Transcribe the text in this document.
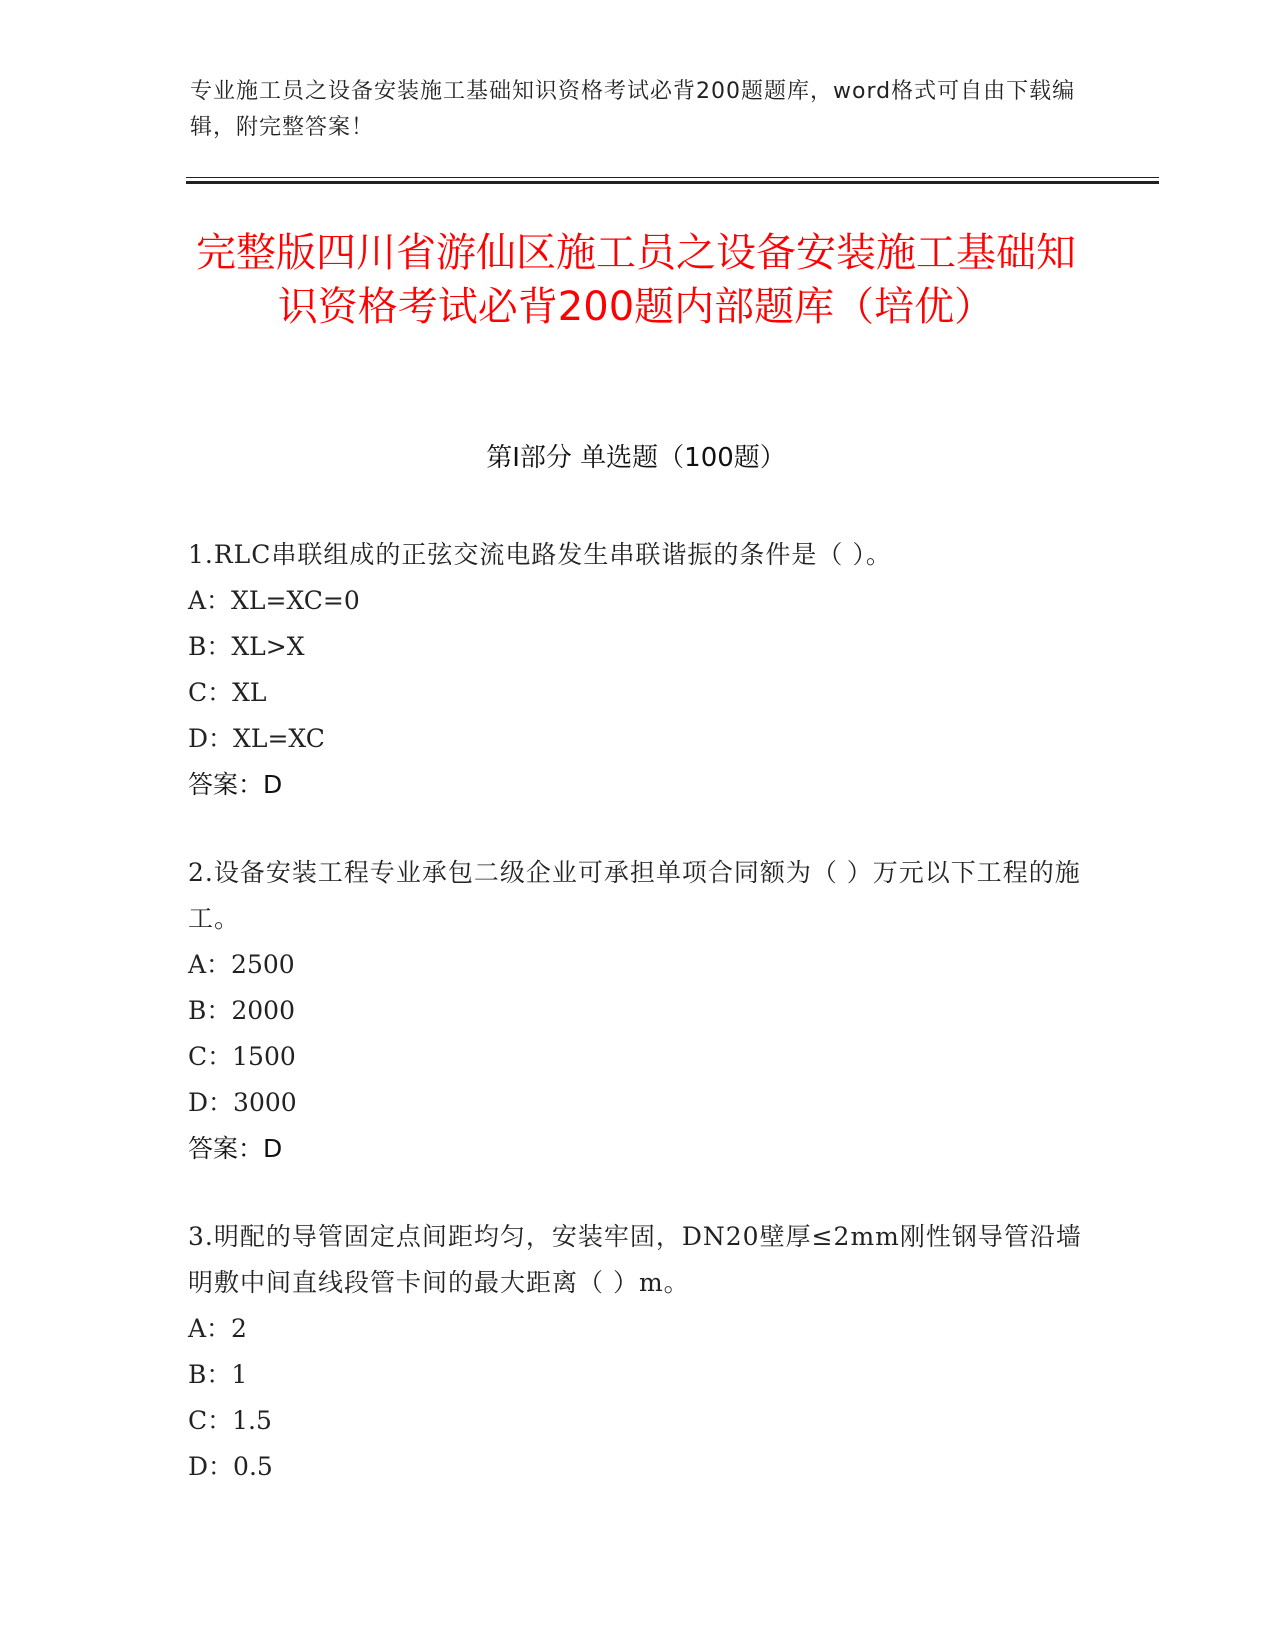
专业施工员之设备安装施工基础知识资格考试必背200题题库，word格式可自由下载编辑，附完整答案！
完整版四川省游仙区施工员之设备安装施工基础知识资格考试必背200题内部题库（培优）
第Ⅰ部分 单选题（100题）
1.RLC串联组成的正弦交流电路发生串联谐振的条件是（ ）。
A：XL=XC=0
B：XL>X
C：XL
D：XL=XC
答案：D
2.设备安装工程专业承包二级企业可承担单项合同额为（ ）万元以下工程的施工。
A：2500
B：2000
C：1500
D：3000
答案：D
3.明配的导管固定点间距均匀，安装牢固，DN20壁厚≤2mm刚性钢导管沿墙明敷中间直线段管卡间的最大距离（ ）m。
A：2
B：1
C：1.5
D：0.5
